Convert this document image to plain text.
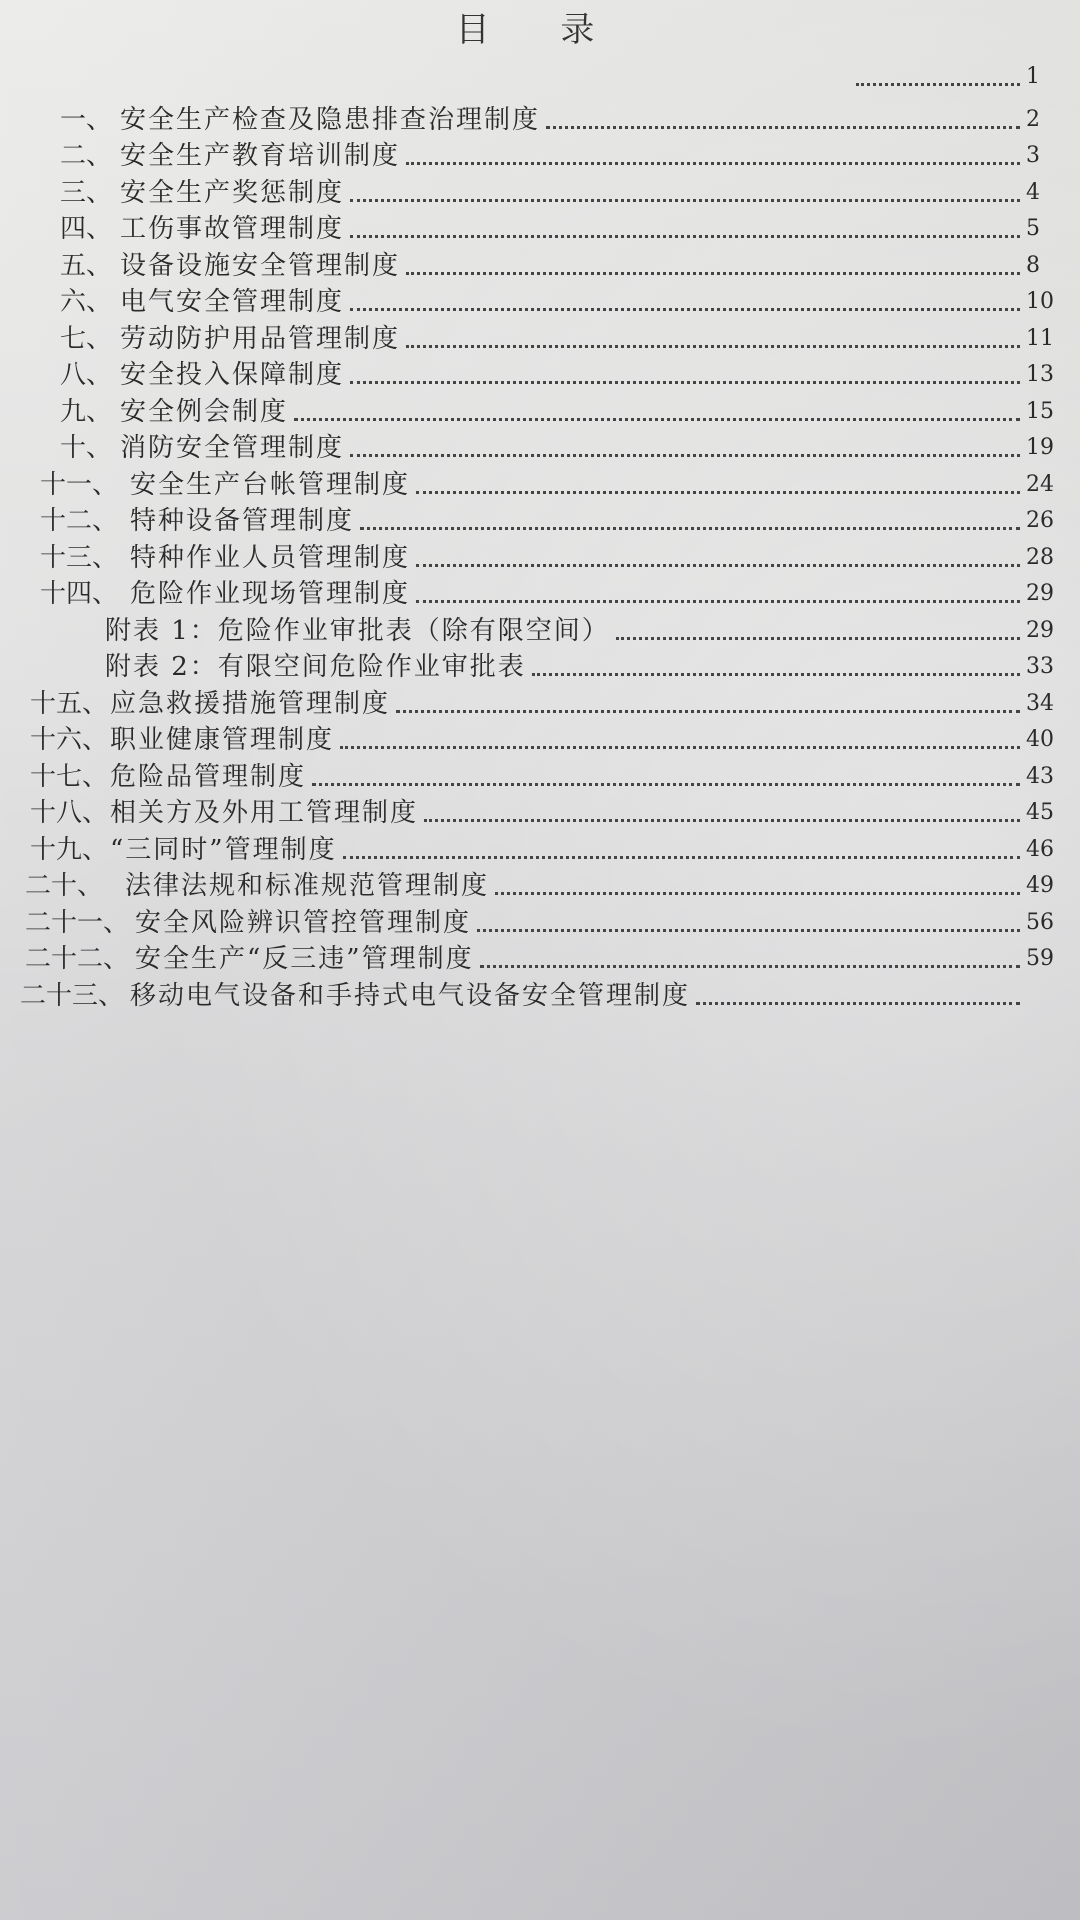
目 录
1
一、 安全生产检查及隐患排查治理制度	2
二、 安全生产教育培训制度	3
三、 安全生产奖惩制度	4
四、 工伤事故管理制度	5
五、 设备设施安全管理制度	8
六、 电气安全管理制度	10
七、 劳动防护用品管理制度	11
八、 安全投入保障制度	13
九、 安全例会制度	15
十、 消防安全管理制度	19
十一、 安全生产台帐管理制度	24
十二、 特种设备管理制度	26
十三、 特种作业人员管理制度	28
十四、 危险作业现场管理制度	29
附表 1：危险作业审批表（除有限空间）	29
附表 2：有限空间危险作业审批表	33
十五、 应急救援措施管理制度	34
十六、 职业健康管理制度	40
十七、 危险品管理制度	43
十八、 相关方及外用工管理制度	45
十九、 “三同时”管理制度	46
二十、 法律法规和标准规范管理制度	49
二十一、 安全风险辨识管控管理制度	56
二十二、 安全生产“反三违”管理制度	59
二十三、 移动电气设备和手持式电气设备安全管理制度
